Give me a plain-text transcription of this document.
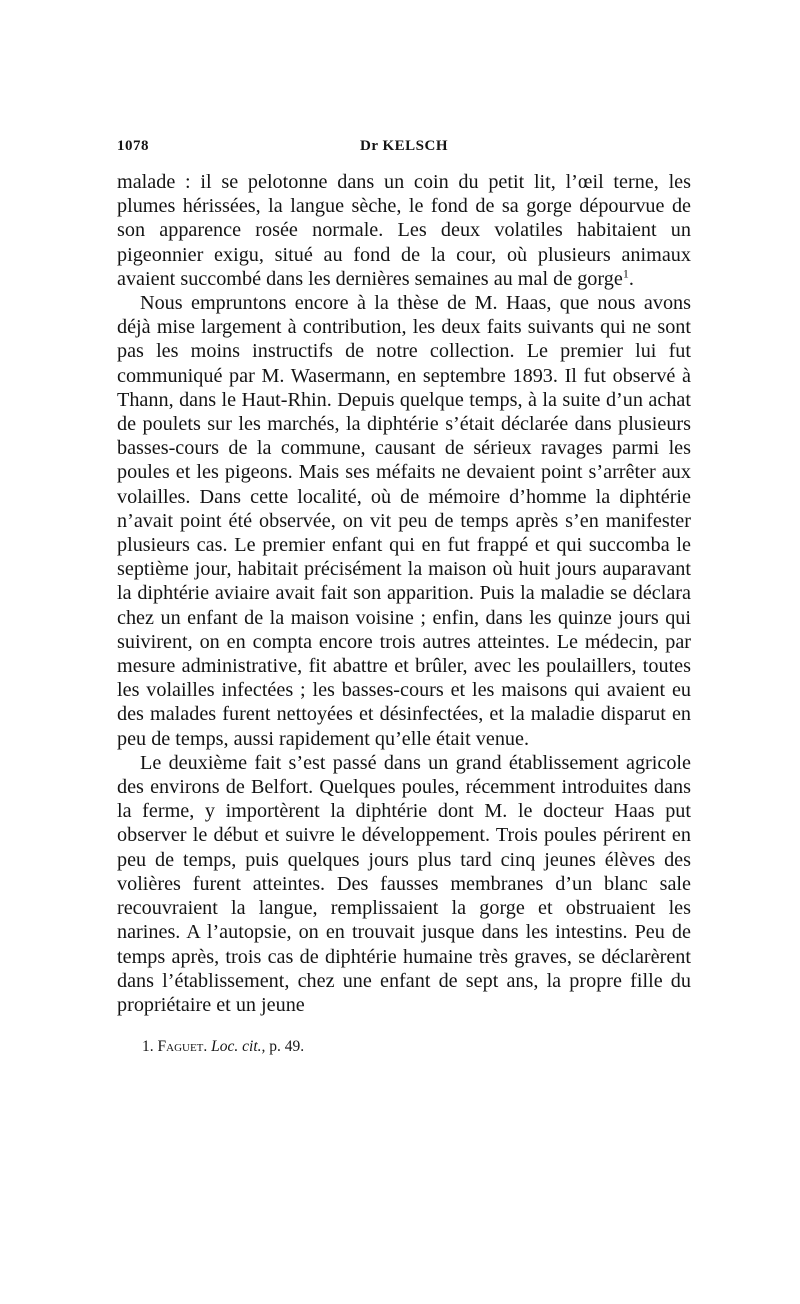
1078	Dr KELSCH

malade : il se pelotonne dans un coin du petit lit, l’œil terne, les plumes hérissées, la langue sèche, le fond de sa gorge dépourvue de son apparence rosée normale. Les deux volatiles habitaient un pigeonnier exigu, situé au fond de la cour, où plusieurs animaux avaient succombé dans les dernières semaines au mal de gorge$^1$.

Nous empruntons encore à la thèse de M. Haas, que nous avons déjà mise largement à contribution, les deux faits suivants qui ne sont pas les moins instructifs de notre collection. Le premier lui fut communiqué par M. Wasermann, en septembre 1893. Il fut observé à Thann, dans le Haut-Rhin. Depuis quelque temps, à la suite d’un achat de poulets sur les marchés, la diphtérie s’était déclarée dans plusieurs basses-cours de la commune, causant de sérieux ravages parmi les poules et les pigeons. Mais ses méfaits ne devaient point s’arrêter aux volailles. Dans cette localité, où de mémoire d’homme la diphtérie n’avait point été observée, on vit peu de temps après s’en manifester plusieurs cas. Le premier enfant qui en fut frappé et qui succomba le septième jour, habitait précisément la maison où huit jours auparavant la diphtérie aviaire avait fait son apparition. Puis la maladie se déclara chez un enfant de la maison voisine ; enfin, dans les quinze jours qui suivirent, on en compta encore trois autres atteintes. Le médecin, par mesure administrative, fit abattre et brûler, avec les poulaillers, toutes les volailles infectées ; les basses-cours et les maisons qui avaient eu des malades furent nettoyées et désinfectées, et la maladie disparut en peu de temps, aussi rapidement qu’elle était venue.

Le deuxième fait s’est passé dans un grand établissement agricole des environs de Belfort. Quelques poules, récemment introduites dans la ferme, y importèrent la diphtérie dont M. le docteur Haas put observer le début et suivre le développement. Trois poules périrent en peu de temps, puis quelques jours plus tard cinq jeunes élèves des volières furent atteintes. Des fausses membranes d’un blanc sale recouvraient la langue, remplissaient la gorge et obstruaient les narines. A l’autopsie, on en trouvait jusque dans les intestins. Peu de temps après, trois cas de diphtérie humaine très graves, se déclarèrent dans l’établissement, chez une enfant de sept ans, la propre fille du propriétaire et un jeune

1. Faguet. Loc. cit., p. 49.
